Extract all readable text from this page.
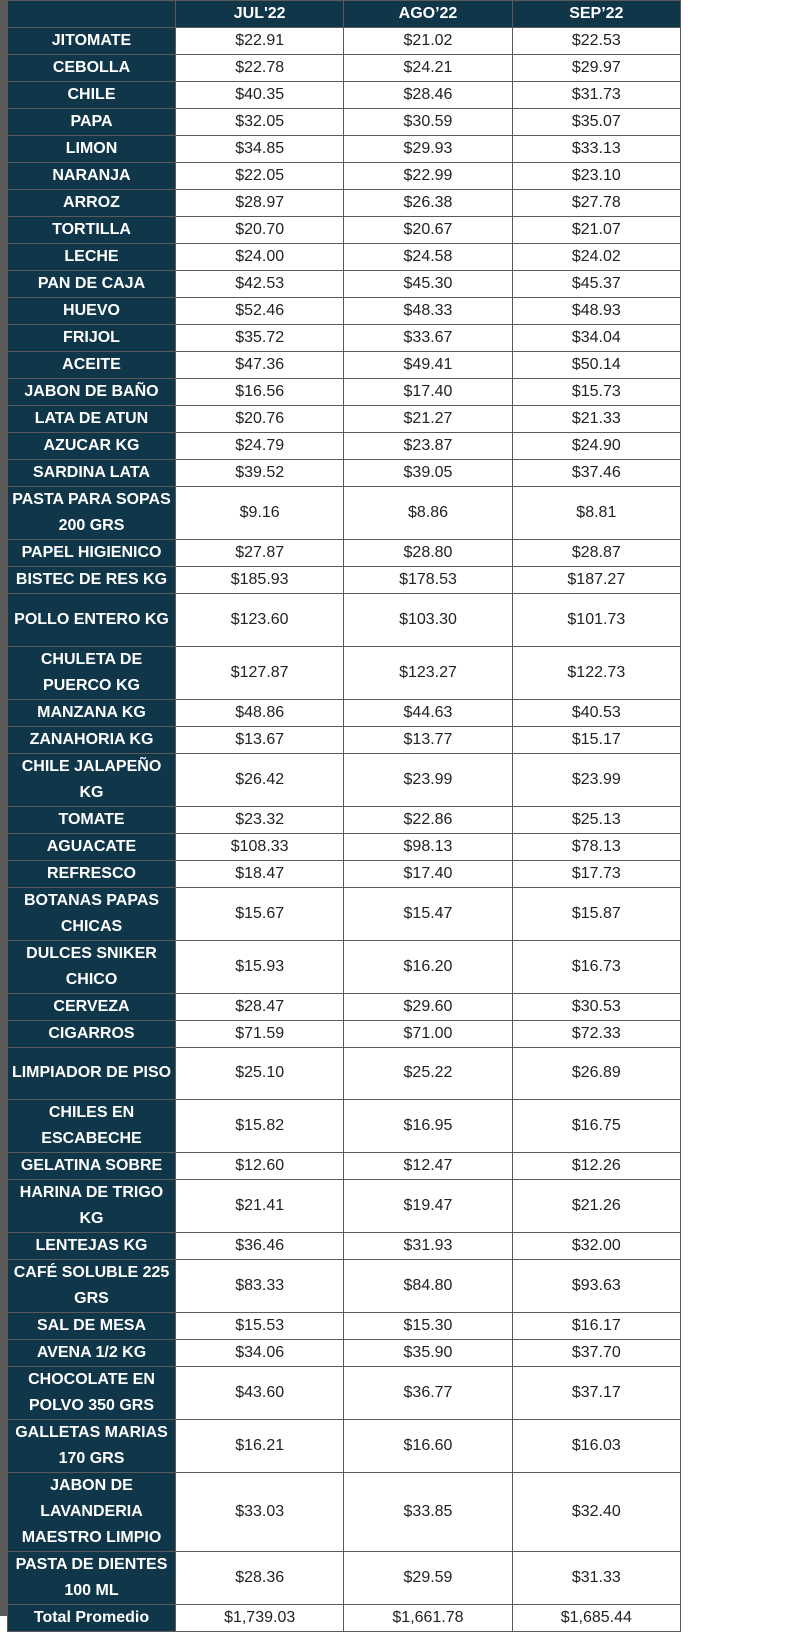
	JUL'22	AGO’22	SEP’22
JITOMATE	$22.91	$21.02	$22.53
CEBOLLA	$22.78	$24.21	$29.97
CHILE	$40.35	$28.46	$31.73
PAPA	$32.05	$30.59	$35.07
LIMON	$34.85	$29.93	$33.13
NARANJA	$22.05	$22.99	$23.10
ARROZ	$28.97	$26.38	$27.78
TORTILLA	$20.70	$20.67	$21.07
LECHE	$24.00	$24.58	$24.02
PAN DE CAJA	$42.53	$45.30	$45.37
HUEVO	$52.46	$48.33	$48.93
FRIJOL	$35.72	$33.67	$34.04
ACEITE	$47.36	$49.41	$50.14
JABON DE BAÑO	$16.56	$17.40	$15.73
LATA DE ATUN	$20.76	$21.27	$21.33
AZUCAR KG	$24.79	$23.87	$24.90
SARDINA LATA	$39.52	$39.05	$37.46
PASTA PARA SOPAS 200 GRS	$9.16	$8.86	$8.81
PAPEL HIGIENICO	$27.87	$28.80	$28.87
BISTEC DE RES KG	$185.93	$178.53	$187.27
POLLO ENTERO KG	$123.60	$103.30	$101.73
CHULETA DE PUERCO KG	$127.87	$123.27	$122.73
MANZANA KG	$48.86	$44.63	$40.53
ZANAHORIA KG	$13.67	$13.77	$15.17
CHILE JALAPEÑO KG	$26.42	$23.99	$23.99
TOMATE	$23.32	$22.86	$25.13
AGUACATE	$108.33	$98.13	$78.13
REFRESCO	$18.47	$17.40	$17.73
BOTANAS PAPAS CHICAS	$15.67	$15.47	$15.87
DULCES SNIKER CHICO	$15.93	$16.20	$16.73
CERVEZA	$28.47	$29.60	$30.53
CIGARROS	$71.59	$71.00	$72.33
LIMPIADOR DE PISO	$25.10	$25.22	$26.89
CHILES EN ESCABECHE	$15.82	$16.95	$16.75
GELATINA SOBRE	$12.60	$12.47	$12.26
HARINA DE TRIGO KG	$21.41	$19.47	$21.26
LENTEJAS KG	$36.46	$31.93	$32.00
CAFÉ SOLUBLE 225 GRS	$83.33	$84.80	$93.63
SAL DE MESA	$15.53	$15.30	$16.17
AVENA 1/2 KG	$34.06	$35.90	$37.70
CHOCOLATE EN POLVO 350 GRS	$43.60	$36.77	$37.17
GALLETAS MARIAS 170 GRS	$16.21	$16.60	$16.03
JABON DE LAVANDERIA MAESTRO LIMPIO	$33.03	$33.85	$32.40
PASTA DE DIENTES 100 ML	$28.36	$29.59	$31.33
Total Promedio	$1,739.03	$1,661.78	$1,685.44
